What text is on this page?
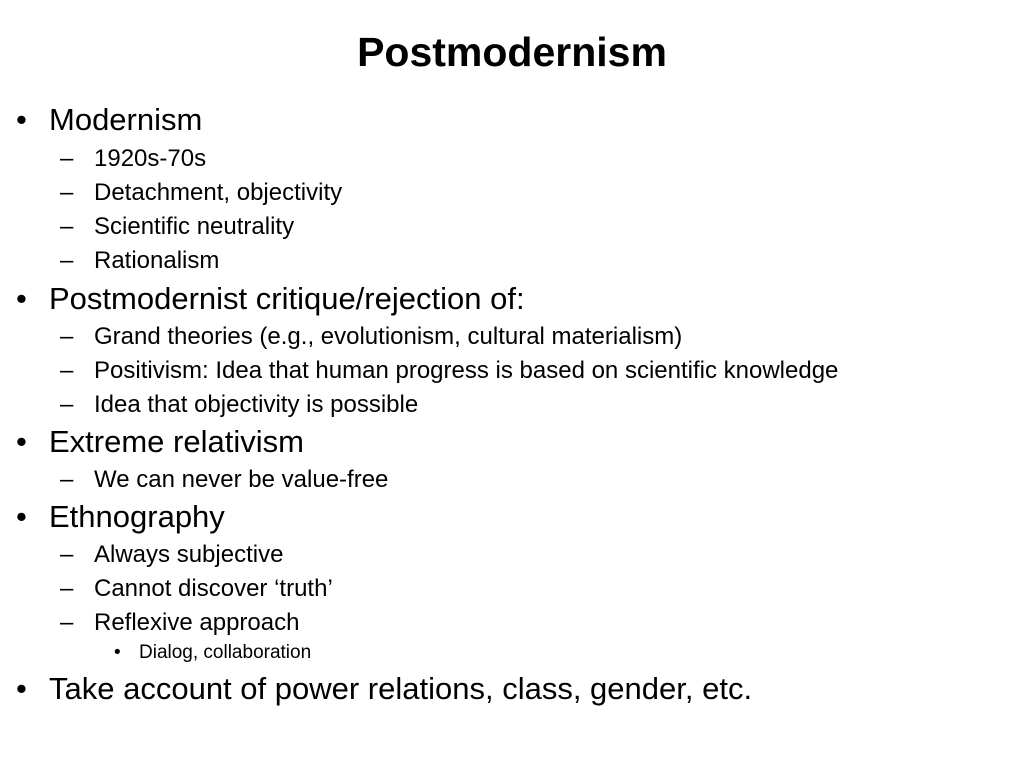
Postmodernism
• Modernism
– 1920s-70s
– Detachment, objectivity
– Scientific neutrality
– Rationalism
• Postmodernist critique/rejection of:
– Grand theories (e.g., evolutionism, cultural materialism)
– Positivism: Idea that human progress is based on scientific knowledge
– Idea that objectivity is possible
• Extreme relativism
– We can never be value-free
• Ethnography
– Always subjective
– Cannot discover ‘truth’
– Reflexive approach
• Dialog, collaboration
• Take account of power relations, class, gender, etc.
